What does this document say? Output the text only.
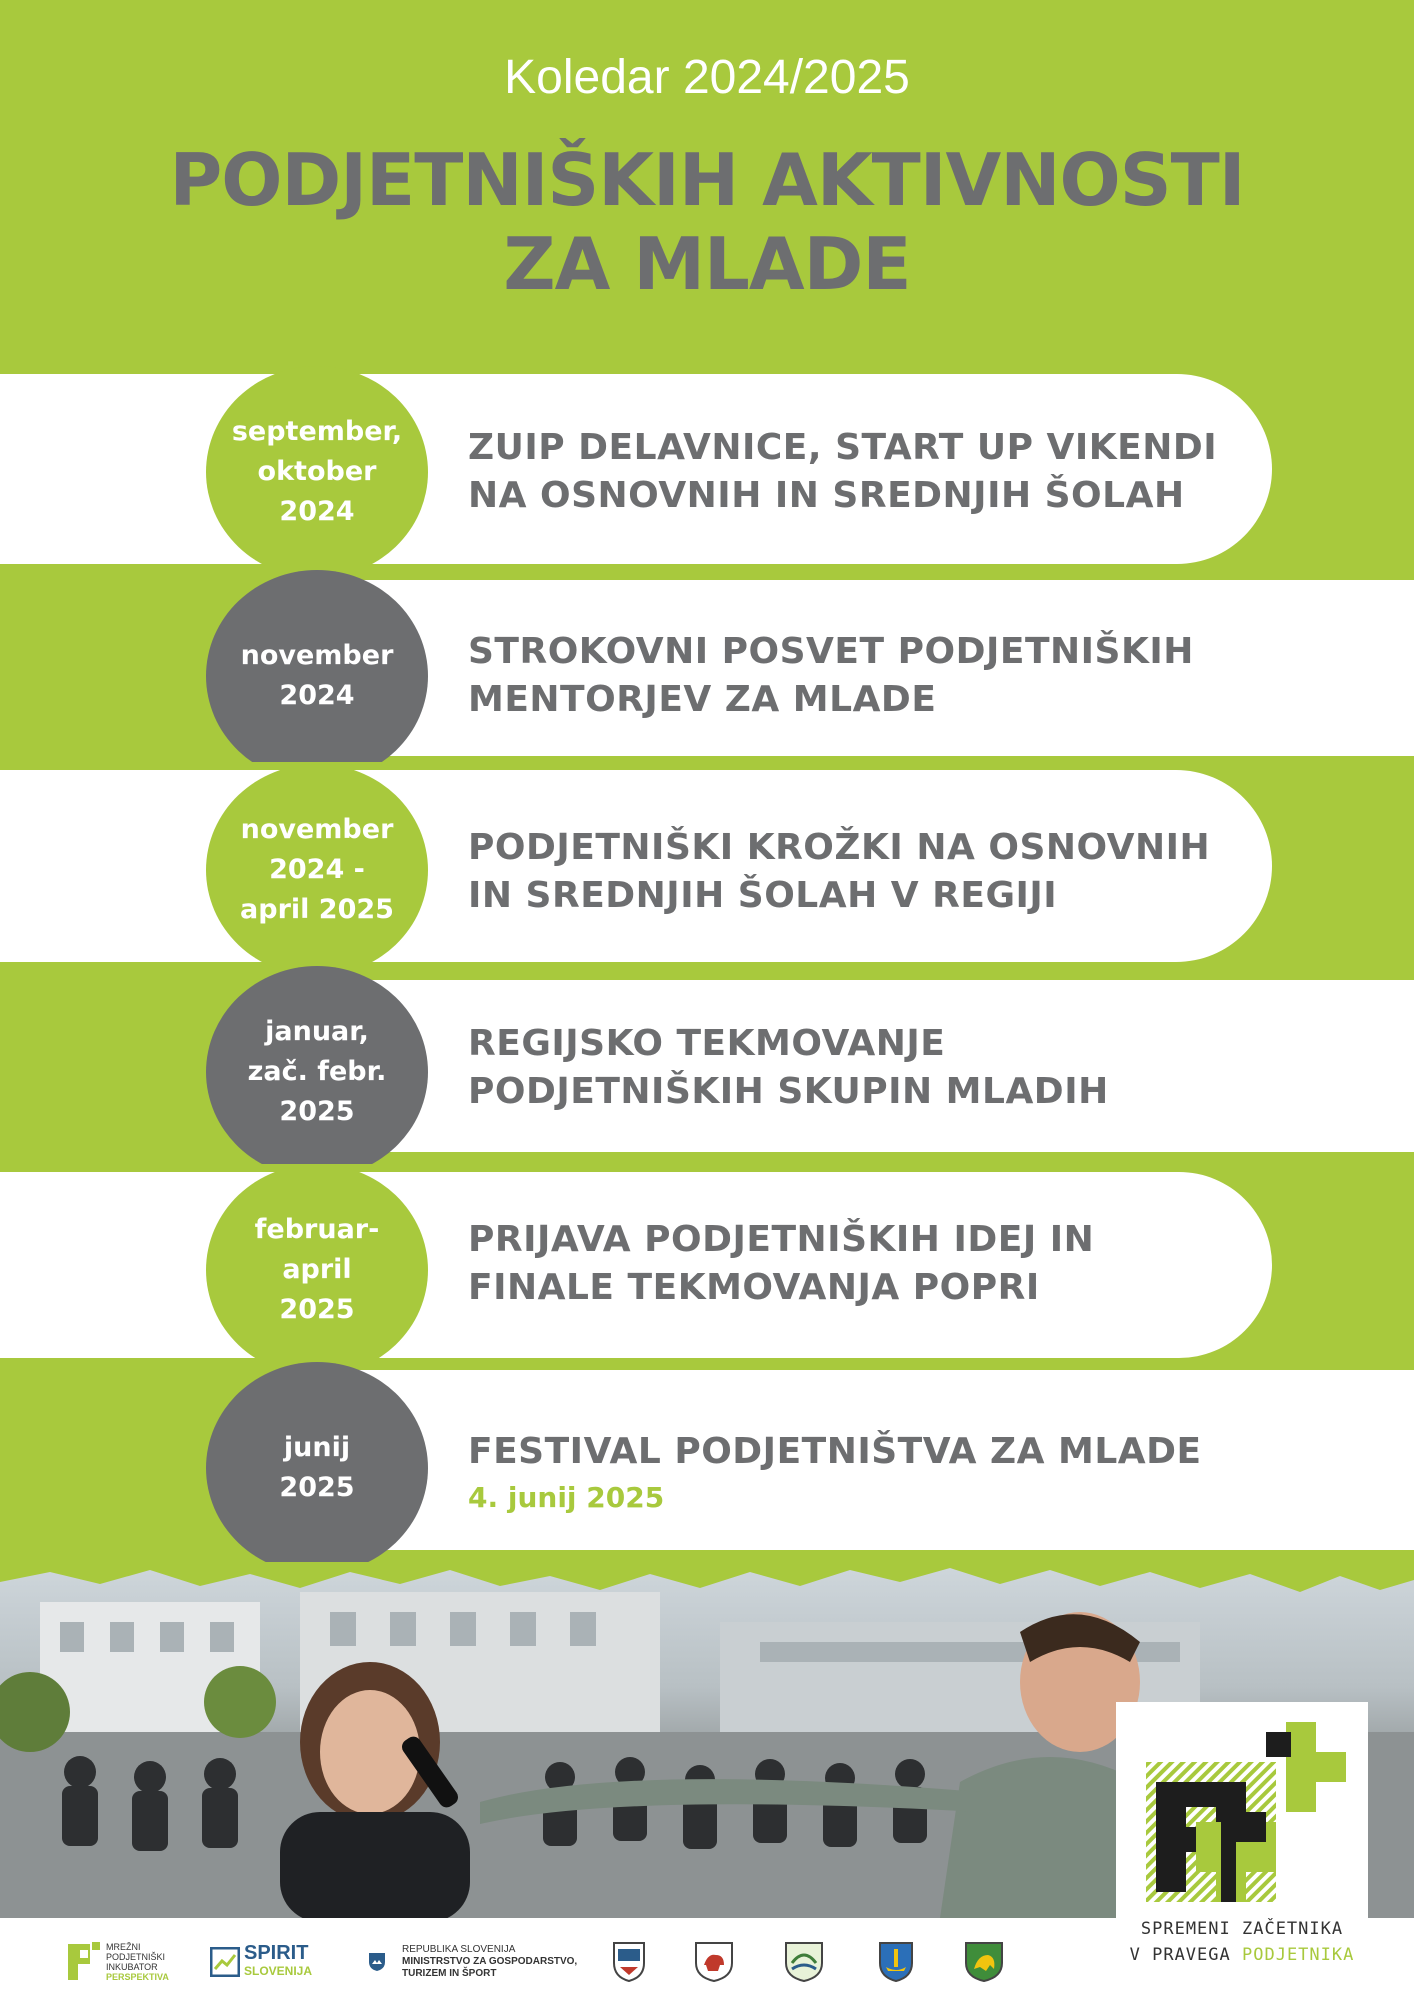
Koledar 2024/2025
PODJETNIŠKIH AKTIVNOSTI
ZA MLADE
september,
oktober
2024
ZUIP DELAVNICE, START UP VIKENDI
NA OSNOVNIH IN SREDNJIH ŠOLAH
november
2024
STROKOVNI POSVET PODJETNIŠKIH
MENTORJEV ZA MLADE
november
2024 -
april 2025
PODJETNIŠKI KROŽKI NA OSNOVNIH
IN SREDNJIH ŠOLAH V REGIJI
januar,
zač. febr.
2025
REGIJSKO TEKMOVANJE
PODJETNIŠKIH SKUPIN MLADIH
februar-
april
2025
PRIJAVA PODJETNIŠKIH IDEJ IN
FINALE TEKMOVANJA POPRI
junij
2025
FESTIVAL PODJETNIŠTVA ZA MLADE
4. junij 2025
SPREMENI ZAČETNIKA
V PRAVEGA PODJETNIKA
MREŽNI
PODJETNIŠKI
INKUBATOR
PERSPEKTIVA
SPIRIT
SLOVENIJA
REPUBLIKA SLOVENIJA
MINISTRSTVO ZA GOSPODARSTVO,
TURIZEM IN ŠPORT
